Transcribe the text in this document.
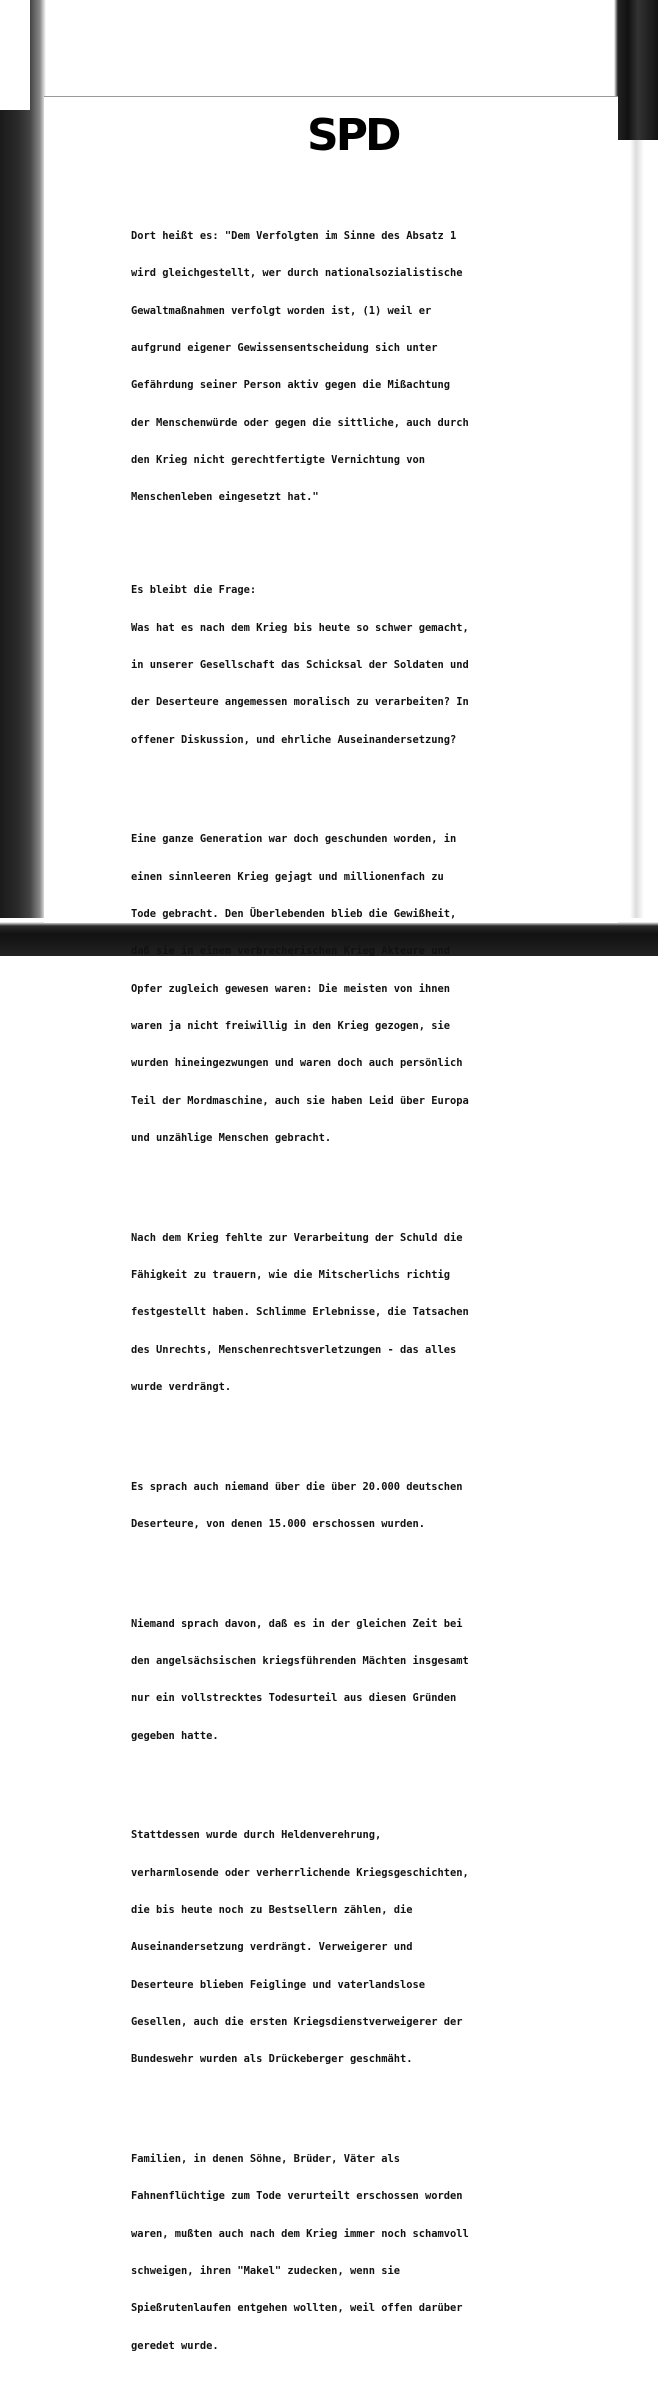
SPD

Dort heißt es: "Dem Verfolgten im Sinne des Absatz 1

wird gleichgestellt, wer durch nationalsozialistische

Gewaltmaßnahmen verfolgt worden ist, (1) weil er

aufgrund eigener Gewissensentscheidung sich unter

Gefährdung seiner Person aktiv gegen die Mißachtung

der Menschenwürde oder gegen die sittliche, auch durch

den Krieg nicht gerechtfertigte Vernichtung von

Menschenleben eingesetzt hat."

Es bleibt die Frage:

Was hat es nach dem Krieg bis heute so schwer gemacht,

in unserer Gesellschaft das Schicksal der Soldaten und

der Deserteure angemessen moralisch zu verarbeiten? In

offener Diskussion, und ehrliche Auseinandersetzung?

Eine ganze Generation war doch geschunden worden, in

einen sinnleeren Krieg gejagt und millionenfach zu

Tode gebracht. Den Überlebenden blieb die Gewißheit,

daß sie in einem verbrecherischen Krieg Akteure und

Opfer zugleich gewesen waren: Die meisten von ihnen

waren ja nicht freiwillig in den Krieg gezogen, sie

wurden hineingezwungen und waren doch auch persönlich

Teil der Mordmaschine, auch sie haben Leid über Europa

und unzählige Menschen gebracht.

Nach dem Krieg fehlte zur Verarbeitung der Schuld die

Fähigkeit zu trauern, wie die Mitscherlichs richtig

festgestellt haben. Schlimme Erlebnisse, die Tatsachen

des Unrechts, Menschenrechtsverletzungen - das alles

wurde verdrängt.

Es sprach auch niemand über die über 20.000 deutschen

Deserteure, von denen 15.000 erschossen wurden.

Niemand sprach davon, daß es in der gleichen Zeit bei

den angelsächsischen kriegsführenden Mächten insgesamt

nur ein vollstrecktes Todesurteil aus diesen Gründen

gegeben hatte.

Stattdessen wurde durch Heldenverehrung,

verharmlosende oder verherrlichende Kriegsgeschichten,

die bis heute noch zu Bestsellern zählen, die

Auseinandersetzung verdrängt. Verweigerer und

Deserteure blieben Feiglinge und vaterlandslose

Gesellen, auch die ersten Kriegsdienstverweigerer der

Bundeswehr wurden als Drückeberger geschmäht.

Familien, in denen Söhne, Brüder, Väter als

Fahnenflüchtige zum Tode verurteilt erschossen worden

waren, mußten auch nach dem Krieg immer noch schamvoll

schweigen, ihren "Makel" zudecken, wenn sie

Spießrutenlaufen entgehen wollten, weil offen darüber

geredet wurde.
